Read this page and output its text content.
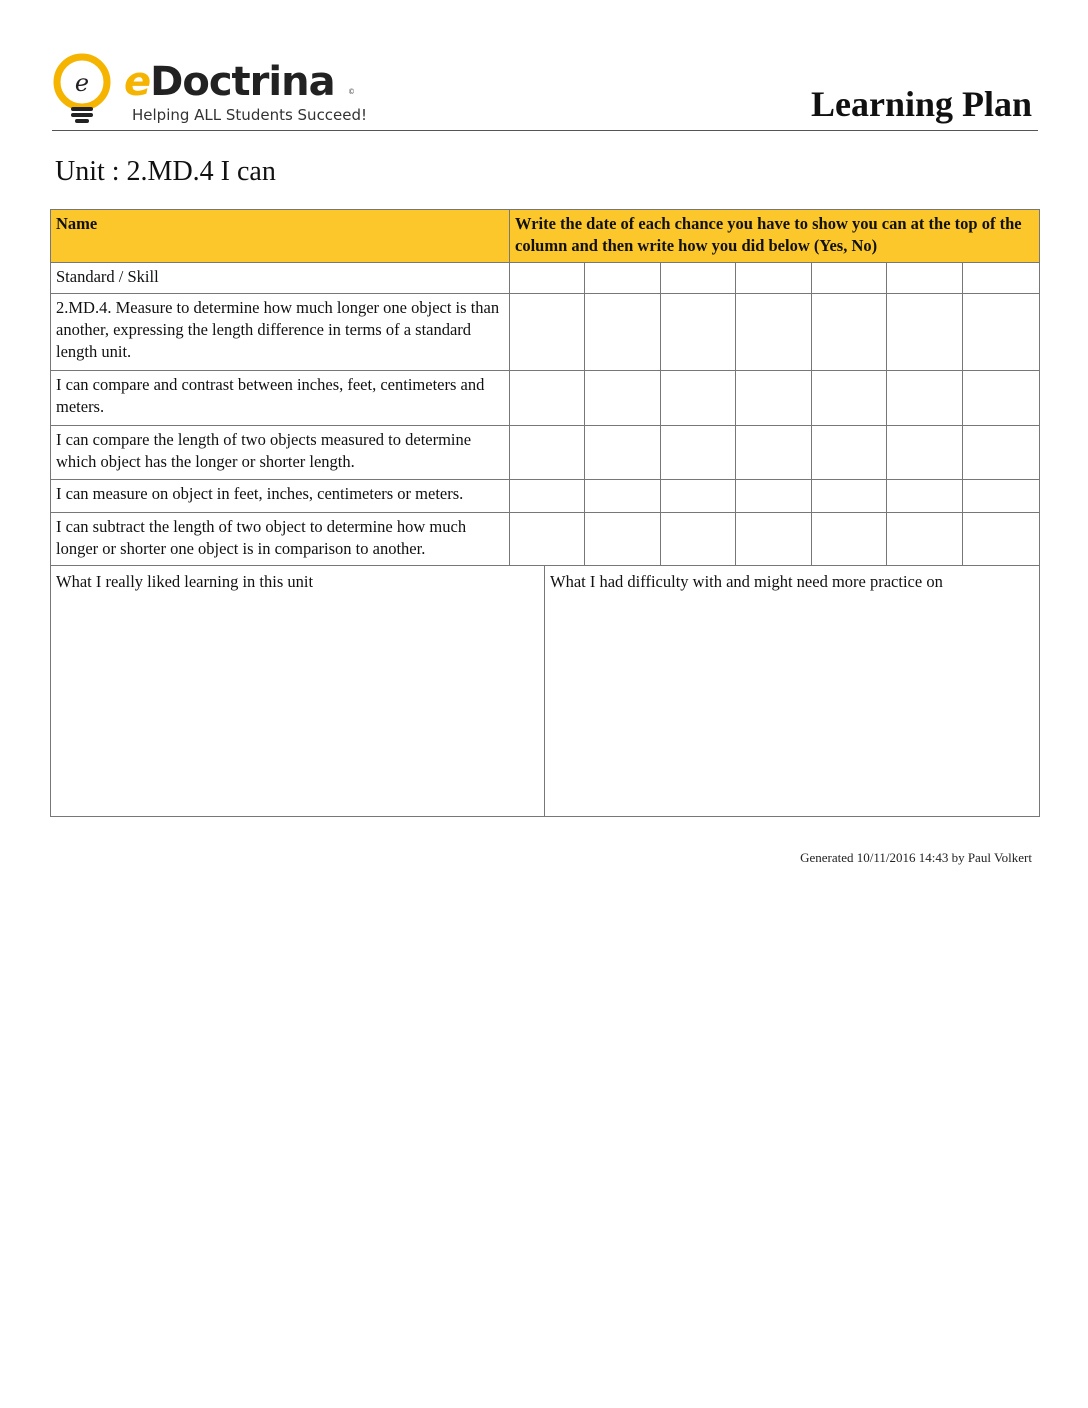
e eDoctrina ©
Helping ALL Students Succeed!	Learning Plan
Unit : 2.MD.4 I can
Name	Write the date of each chance you have to show you can at the top of the column and then write how you did below (Yes, No)						
Standard / Skill							
2.MD.4. Measure to determine how much longer one object is than another, expressing the length difference in terms of a standard length unit.							
I can compare and contrast between inches, feet, centimeters and meters.							
I can compare the length of two objects measured to determine which object has the longer or shorter length.							
I can measure on object in feet, inches, centimeters or meters.							
I can subtract the length of two object to determine how much longer or shorter one object is in comparison to another.							
What I really liked learning in this unit	What I had difficulty with and might need more practice on
Generated 10/11/2016 14:43 by Paul Volkert
